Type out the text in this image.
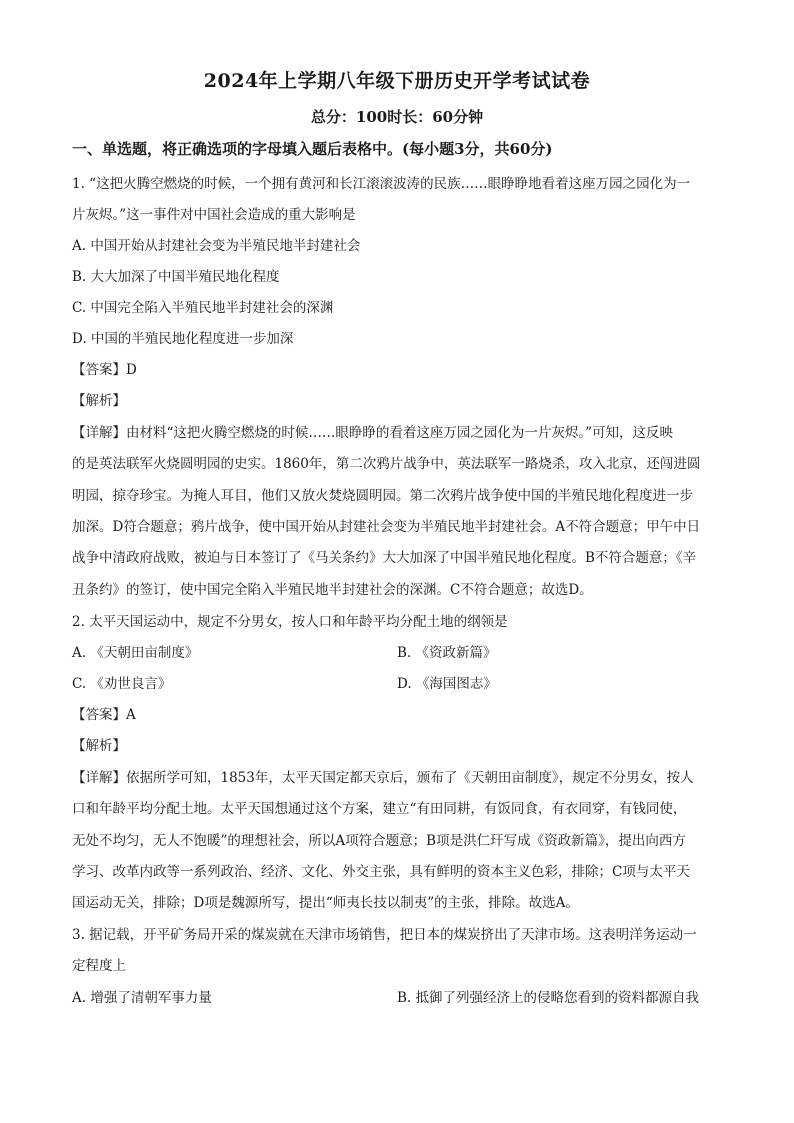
2024年上学期八年级下册历史开学考试试卷
总分：100时长：60分钟
一、单选题，将正确选项的字母填入题后表格中。(每小题3分，共60分)
1. “这把火腾空燃烧的时候，一个拥有黄河和长江滚滚波涛的民族……眼睁睁地看着这座万园之园化为一
片灰烬。”这一事件对中国社会造成的重大影响是
A. 中国开始从封建社会变为半殖民地半封建社会
B. 大大加深了中国半殖民地化程度
C. 中国完全陷入半殖民地半封建社会的深渊
D. 中国的半殖民地化程度进一步加深
【答案】D
【解析】
【详解】由材料“这把火腾空燃烧的时候……眼睁睁的看着这座万园之园化为一片灰烬。”可知，这反映
的是英法联军火烧圆明园的史实。1860年，第二次鸦片战争中，英法联军一路烧杀，攻入北京，还闯进圆
明园，掠夺珍宝。为掩人耳目，他们又放火焚烧圆明园。第二次鸦片战争使中国的半殖民地化程度进一步
加深。D符合题意；鸦片战争，使中国开始从封建社会变为半殖民地半封建社会。A不符合题意；甲午中日
战争中清政府战败，被迫与日本签订了《马关条约》大大加深了中国半殖民地化程度。B不符合题意；《辛
丑条约》的签订，使中国完全陷入半殖民地半封建社会的深渊。C不符合题意；故选D。
2. 太平天国运动中，规定不分男女，按人口和年龄平均分配土地的纲领是
A. 《天朝田亩制度》	B. 《资政新篇》
C. 《劝世良言》	D. 《海国图志》
【答案】A
【解析】
【详解】依据所学可知，1853年，太平天国定都天京后，颁布了《天朝田亩制度》，规定不分男女，按人
口和年龄平均分配土地。太平天国想通过这个方案，建立“有田同耕，有饭同食，有衣同穿，有钱同使，
无处不均匀，无人不饱暖”的理想社会，所以A项符合题意；B项是洪仁玕写成《资政新篇》，提出向西方
学习、改革内政等一系列政治、经济、文化、外交主张，具有鲜明的资本主义色彩，排除；C项与太平天
国运动无关，排除；D项是魏源所写，提出“师夷长技以制夷”的主张，排除。故选A。
3. 据记载，开平矿务局开采的煤炭就在天津市场销售，把日本的煤炭挤出了天津市场。这表明洋务运动一
定程度上
A. 增强了清朝军事力量	B. 抵御了列强经济上的侵略您看到的资料都源自我
